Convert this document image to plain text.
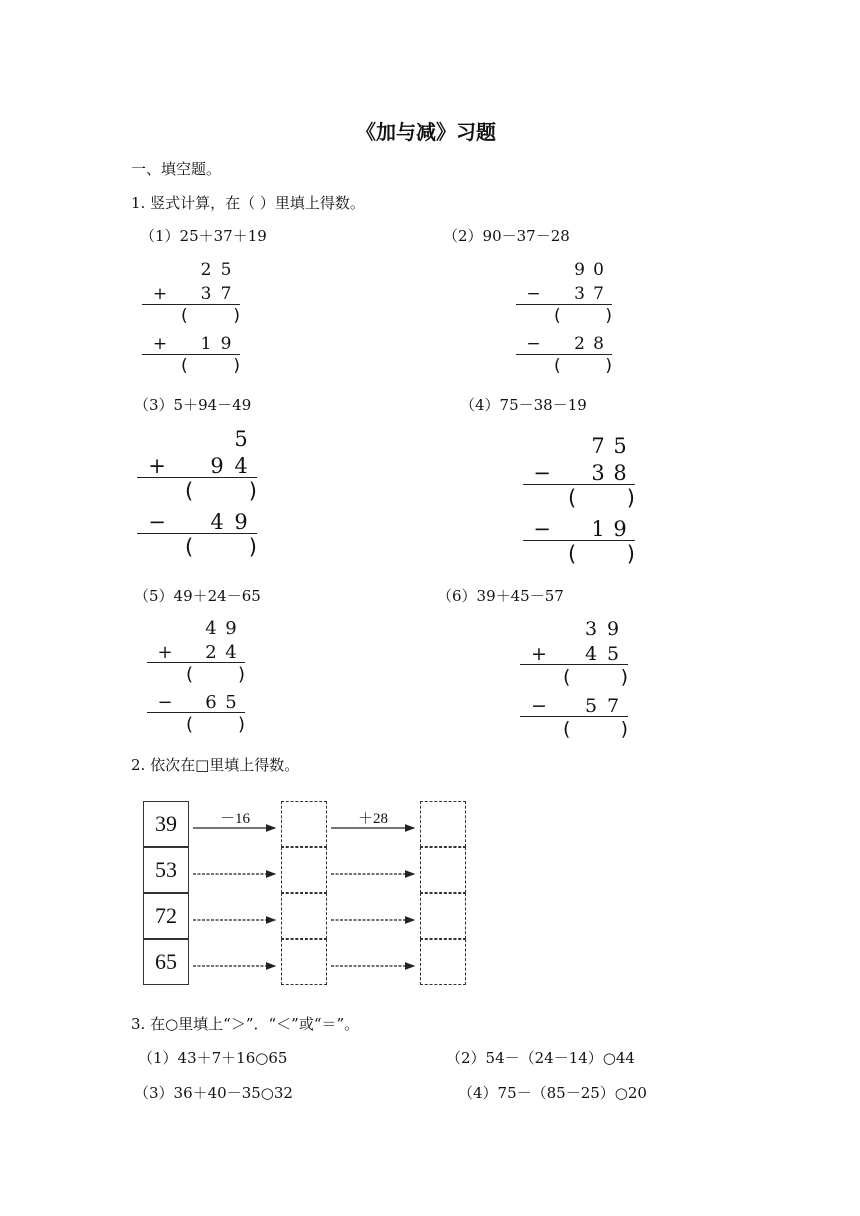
《加与减》习题
一、填空题。
1. 竖式计算，在（ ）里填上得数。
（1）25＋37＋19	（2）90－37－28
（3）5＋94－49	（4）75－38－19
（5）49＋24－65	（6）39＋45－57
2 5
+ 3 7
(	)
+ 1 9
(	)
9 0
− 3 7
(	)
− 2 8
(	)
5
+ 9 4
(	)
− 4 9
(	)
7 5
− 3 8
( )
− 1 9
( )
4 9
+ 2 4
( )
− 6 5
( )
3 9
+ 4 5
(	)
− 5 7
(	)
2. 依次在□里填上得数。
39
53
72
65
－16	＋28
3. 在○里填上“＞”．“＜”或“＝”。
（1）43＋7＋16○65	（2）54－（24－14）○44
（3）36＋40－35○32	（4）75－（85－25）○20
